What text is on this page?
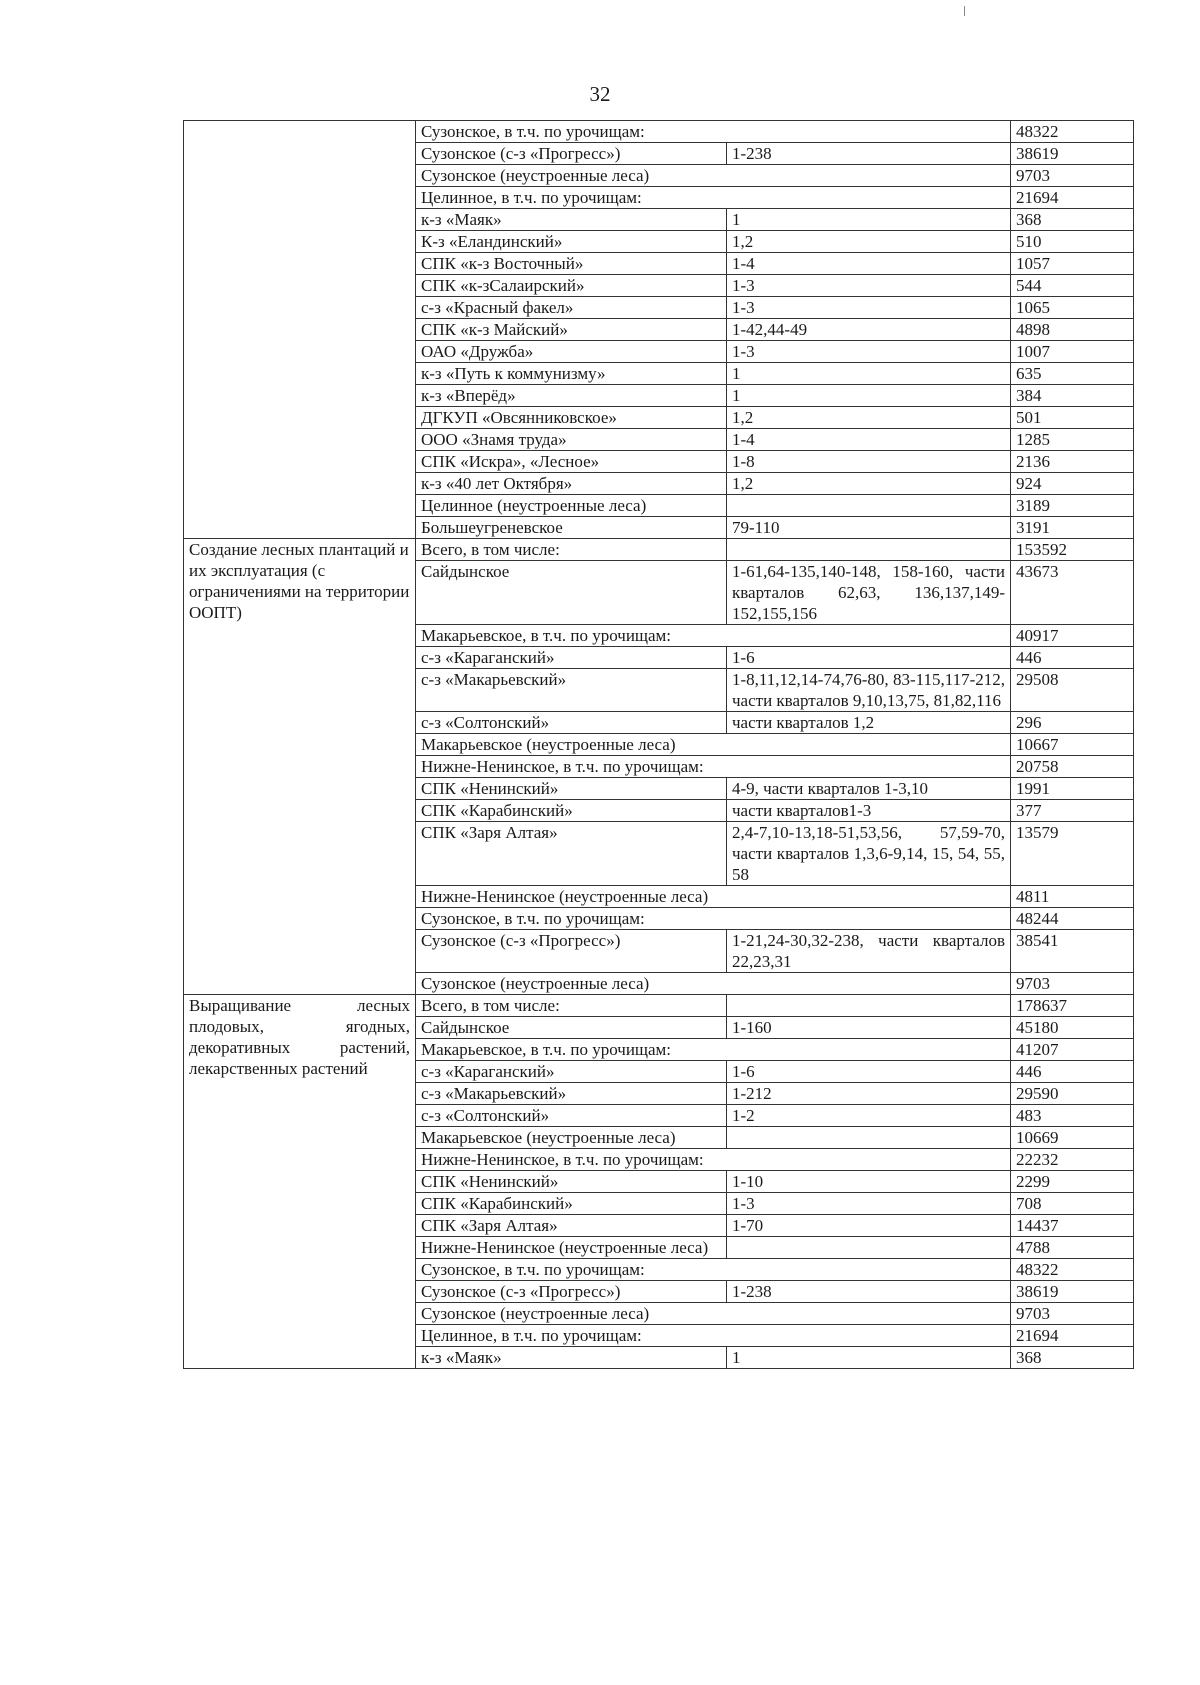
32
	Сузонское, в т.ч. по урочищам:		48322
	Сузонское (с-з «Прогресс»)	1-238	38619
	Сузонское (неустроенные леса)		9703
	Целинное, в т.ч. по урочищам:		21694
	к-з «Маяк»	1	368
	К-з «Еландинский»	1,2	510
	СПК «к-з Восточный»	1-4	1057
	СПК «к-зСалаирский»	1-3	544
	с-з «Красный факел»	1-3	1065
	СПК «к-з Майский»	1-42,44-49	4898
	ОАО «Дружба»	1-3	1007
	к-з «Путь к коммунизму»	1	635
	к-з «Вперёд»	1	384
	ДГКУП «Овсянниковское»	1,2	501
	ООО «Знамя труда»	1-4	1285
	СПК «Искра», «Лесное»	1-8	2136
	к-з «40 лет Октября»	1,2	924
	Целинное (неустроенные леса)		3189
	Большеугреневское	79-110	3191
Создание лесных плантаций и их эксплуатация (с ограничениями на территории ООПТ)	Всего, в том числе:		153592
	Сайдынское	1-61,64-135,140-148, 158-160, части кварталов 62,63, 136,137,149-152,155,156	43673
	Макарьевское, в т.ч. по урочищам:		40917
	с-з «Караганский»	1-6	446
	с-з «Макарьевский»	1-8,11,12,14-74,76-80, 83-115,117-212, части кварталов 9,10,13,75, 81,82,116	29508
	с-з «Солтонский»	части кварталов 1,2	296
	Макарьевское (неустроенные леса)		10667
	Нижне-Ненинское, в т.ч. по урочищам:		20758
	СПК «Ненинский»	4-9, части кварталов 1-3,10	1991
	СПК «Карабинский»	части кварталов1-3	377
	СПК «Заря Алтая»	2,4-7,10-13,18-51,53,56, 57,59-70, части кварталов 1,3,6-9,14, 15, 54, 55, 58	13579
	Нижне-Ненинское (неустроенные леса)		4811
	Сузонское, в т.ч. по урочищам:		48244
	Сузонское (с-з «Прогресс»)	1-21,24-30,32-238, части кварталов 22,23,31	38541
	Сузонское (неустроенные леса)		9703
Выращивание лесных плодовых, ягодных, декоративных растений, лекарственных растений	Всего, в том числе:		178637
	Сайдынское	1-160	45180
	Макарьевское, в т.ч. по урочищам:		41207
	с-з «Караганский»	1-6	446
	с-з «Макарьевский»	1-212	29590
	с-з «Солтонский»	1-2	483
	Макарьевское (неустроенные леса)		10669
	Нижне-Ненинское, в т.ч. по урочищам:		22232
	СПК «Ненинский»	1-10	2299
	СПК «Карабинский»	1-3	708
	СПК «Заря Алтая»	1-70	14437
	Нижне-Ненинское (неустроенные леса)		4788
	Сузонское, в т.ч. по урочищам:		48322
	Сузонское (с-з «Прогресс»)	1-238	38619
	Сузонское (неустроенные леса)		9703
	Целинное, в т.ч. по урочищам:		21694
	к-з «Маяк»	1	368
